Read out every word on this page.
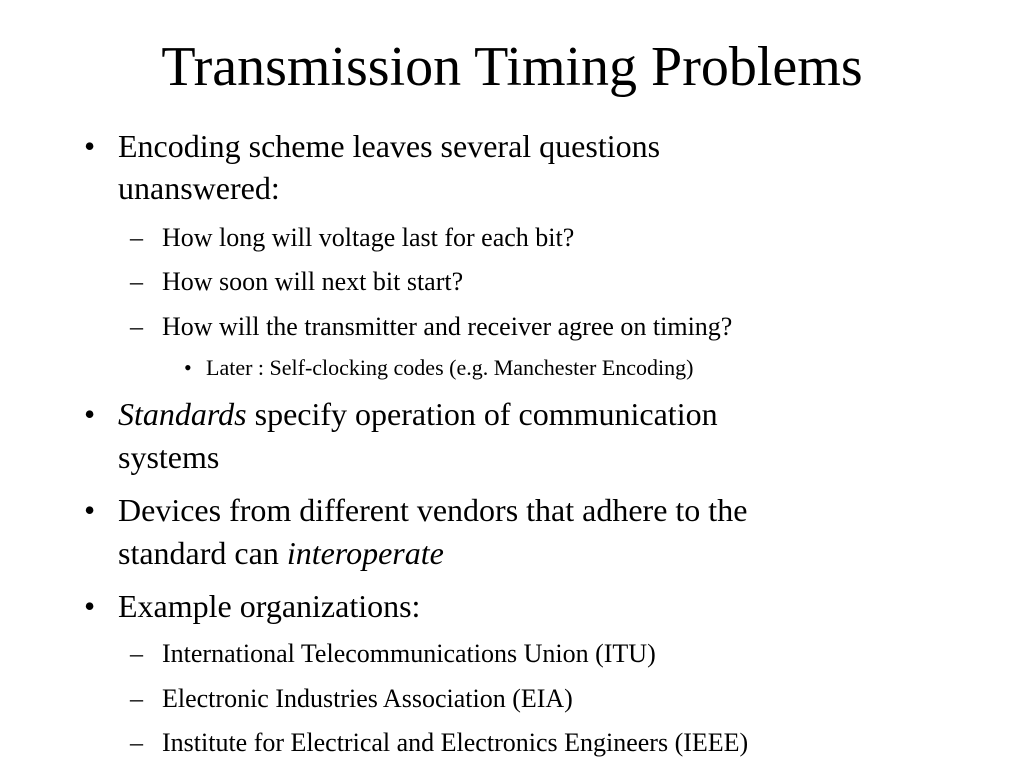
Transmission Timing Problems
• Encoding scheme leaves several questions
unanswered:
– How long will voltage last for each bit?
– How soon will next bit start?
– How will the transmitter and receiver agree on timing?
• Later : Self-clocking codes (e.g. Manchester Encoding)
• Standards specify operation of communication
systems
• Devices from different vendors that adhere to the
standard can interoperate
• Example organizations:
– International Telecommunications Union (ITU)
– Electronic Industries Association (EIA)
– Institute for Electrical and Electronics Engineers (IEEE)
